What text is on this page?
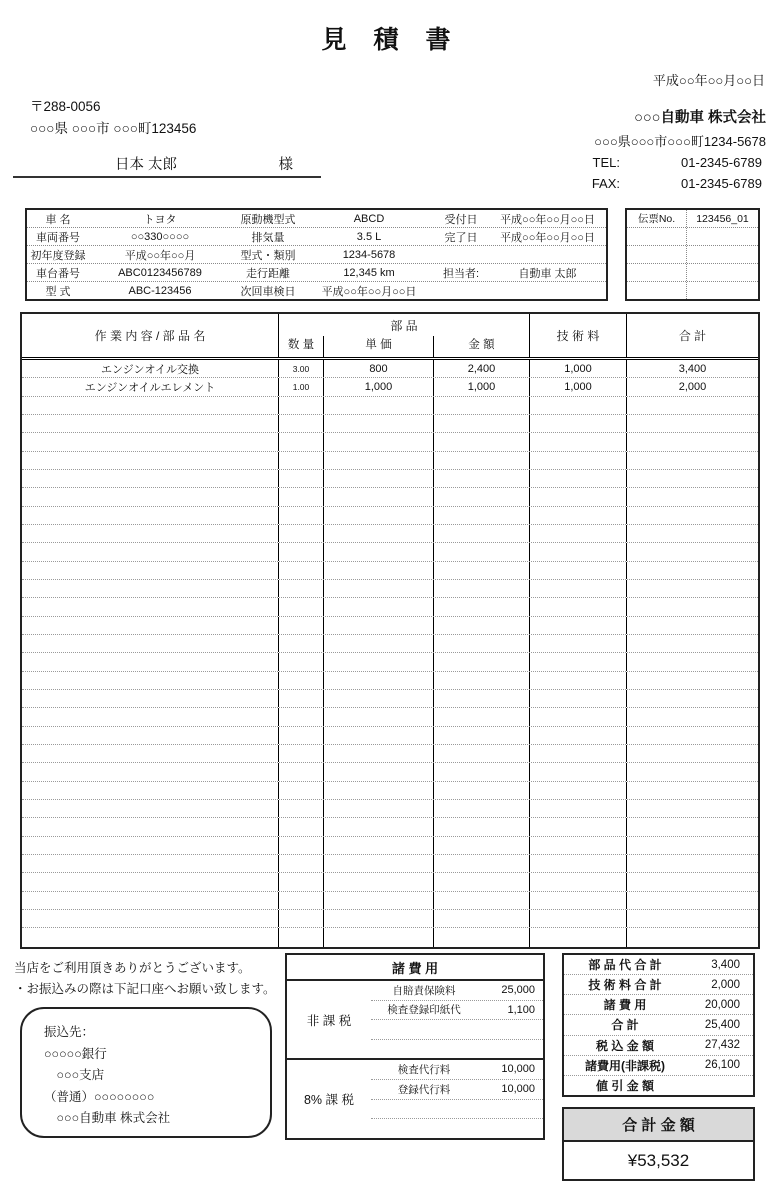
見 積 書
平成○○年○○月○○日
〒288-0056
○○○県 ○○○市 ○○○町123456
日本 太郎	様
○○○自動車 株式会社
○○○県○○○市○○○町1234-5678
TEL:	01-2345-6789
FAX:	01-2345-6789
車 名	トヨタ	原動機型式	ABCD	受付日	平成○○年○○月○○日
車両番号	○○330○○○○	排気量	3.5 L	完了日	平成○○年○○月○○日
初年度登録	平成○○年○○月	型式・類別	1234-5678
車台番号	ABC0123456789	走行距離	12,345 km	担当者:	自動車 太郎
型 式	ABC-123456	次回車検日	平成○○年○○月○○日
伝票No.	123456_01
作 業 内 容 / 部 品 名
部 品
数 量	単 価	金 額
技 術 料	合 計
エンジンオイル交換	3.00	800	2,400	1,000	3,400
エンジンオイルエレメント	1.00	1,000	1,000	1,000	2,000
当店をご利用頂きありがとうございます。
・お振込みの際は下記口座へお願い致します。
振込先：
○○○○○銀行
　○○○支店
（普通）○○○○○○○○
　○○○自動車 株式会社
諸 費 用
非 課 税
自賠責保険料	25,000
検査登録印紙代	1,100
8% 課 税
検査代行料	10,000
登録代行料	10,000
部 品 代 合 計	3,400
技 術 料 合 計	2,000
諸 費 用	20,000
合 計	25,400
税 込 金 額	27,432
諸費用(非課税)	26,100
値 引 金 額
合 計 金 額
¥53,532
